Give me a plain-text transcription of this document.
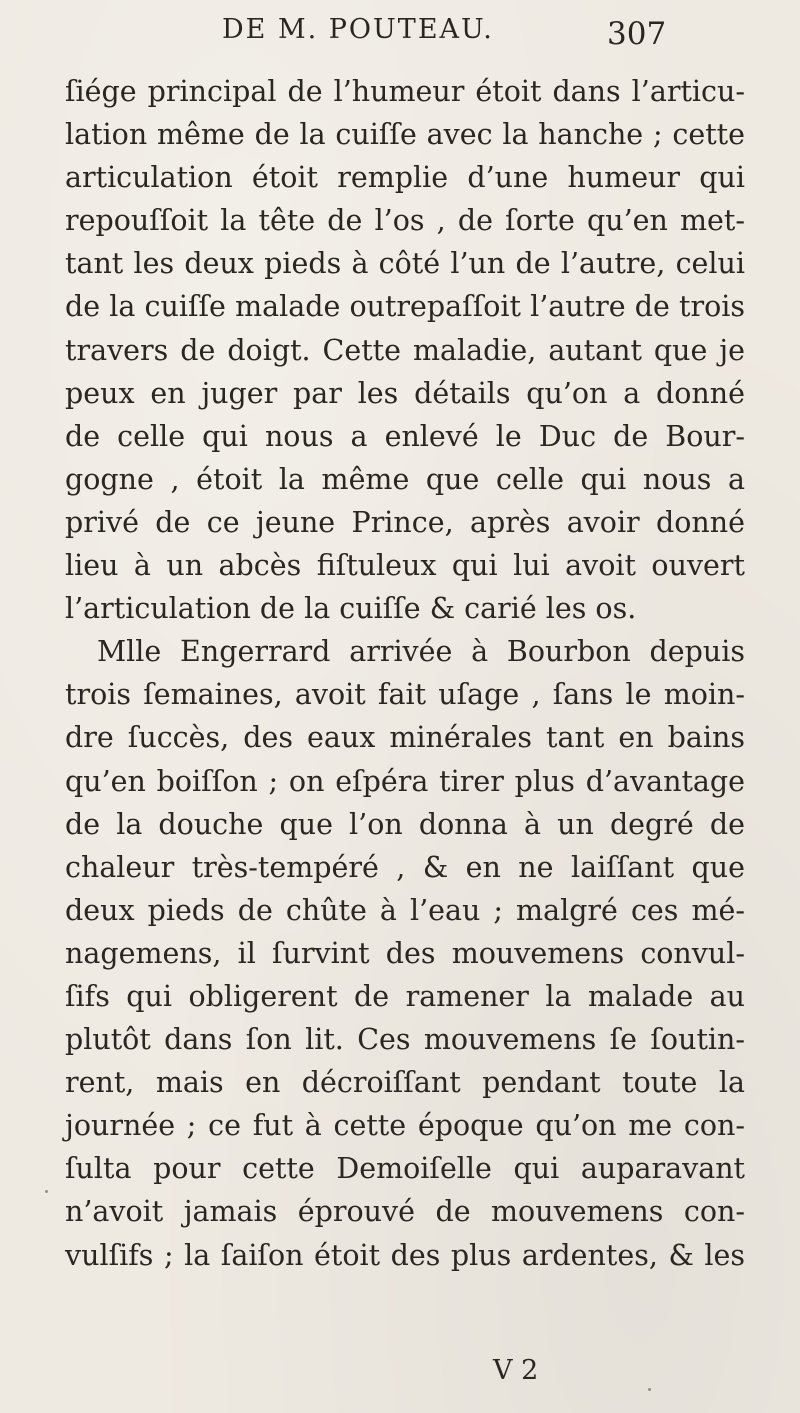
DE M. POUTEAU.	307
ſiége principal de l’humeur étoit dans l’articu-
lation même de la cuiſſe avec la hanche ; cette
articulation étoit remplie d’une humeur qui
repouſſoit la tête de l’os , de ſorte qu’en met-
tant les deux pieds à côté l’un de l’autre, celui
de la cuiſſe malade outrepaſſoit l’autre de trois
travers de doigt. Cette maladie, autant que je
peux en juger par les détails qu’on a donné
de celle qui nous a enlevé le Duc de Bour-
gogne , étoit la même que celle qui nous a
privé de ce jeune Prince, après avoir donné
lieu à un abcès fiſtuleux qui lui avoit ouvert
l’articulation de la cuiſſe & carié les os.
Mlle Engerrard arrivée à Bourbon depuis
trois ſemaines, avoit fait uſage , ſans le moin-
dre ſuccès, des eaux minérales tant en bains
qu’en boiſſon ; on eſpéra tirer plus d’avantage
de la douche que l’on donna à un degré de
chaleur très-tempéré , & en ne laiſſant que
deux pieds de chûte à l’eau ; malgré ces mé-
nagemens, il ſurvint des mouvemens convul-
ſifs qui obligerent de ramener la malade au
plutôt dans ſon lit. Ces mouvemens ſe ſoutin-
rent, mais en décroiſſant pendant toute la
journée ; ce fut à cette époque qu’on me con-
ſulta pour cette Demoiſelle qui auparavant
n’avoit jamais éprouvé de mouvemens con-
vulſifs ; la ſaiſon étoit des plus ardentes, & les
V 2
